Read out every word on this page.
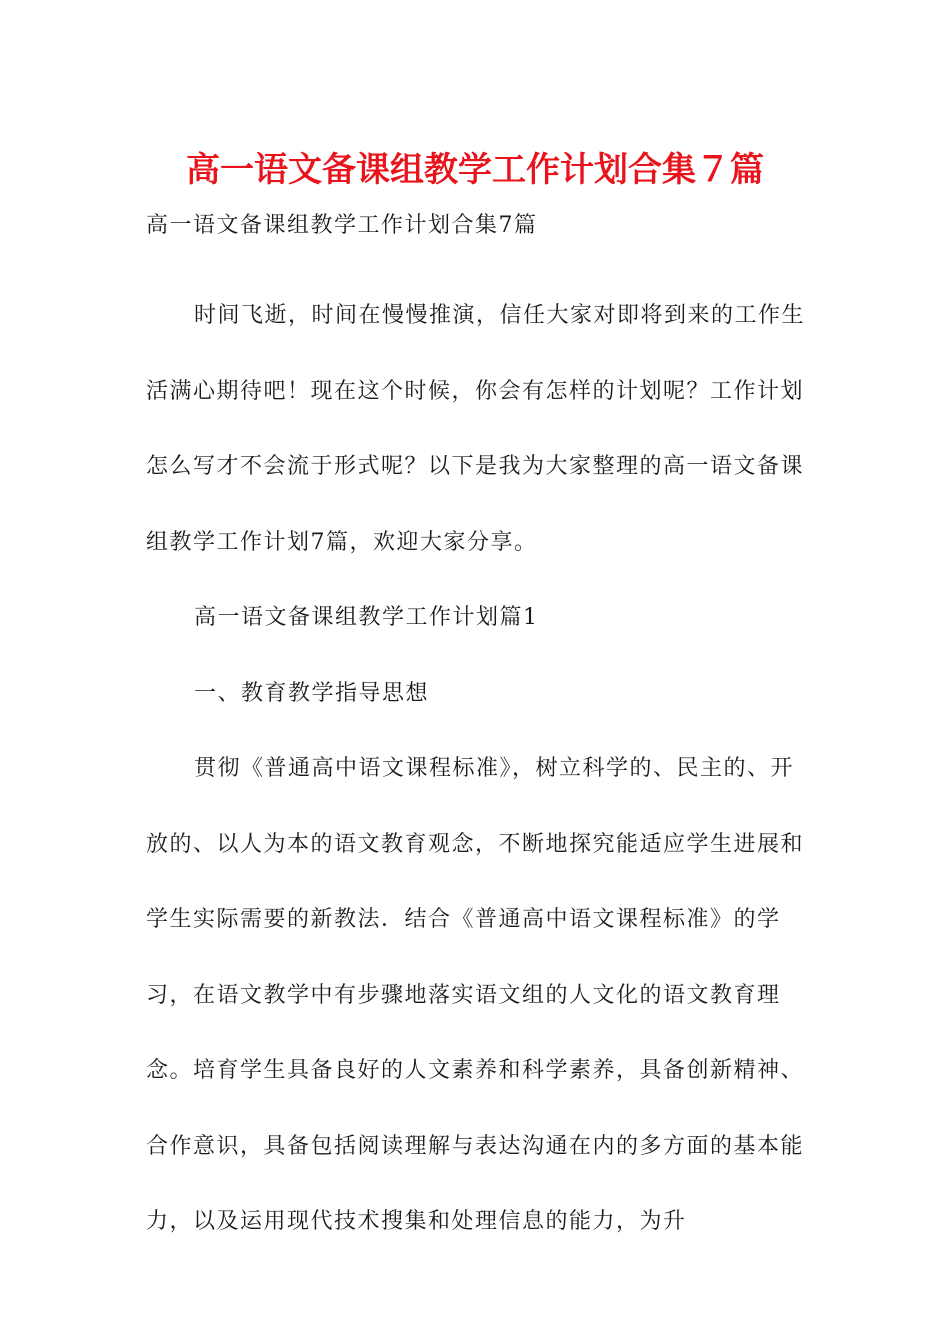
高一语文备课组教学工作计划合集７篇

高一语文备课组教学工作计划合集7篇

时间飞逝，时间在慢慢推演，信任大家对即将到来的工作生活满心期待吧！现在这个时候，你会有怎样的计划呢？工作计划怎么写才不会流于形式呢？以下是我为大家整理的高一语文备课组教学工作计划7篇，欢迎大家分享。

高一语文备课组教学工作计划篇1

一、教育教学指导思想

贯彻《普通高中语文课程标准》，树立科学的、民主的、开放的、以人为本的语文教育观念，不断地探究能适应学生进展和学生实际需要的新教法．结合《普通高中语文课程标准》的学习，在语文教学中有步骤地落实语文组的人文化的语文教育理念。培育学生具备良好的人文素养和科学素养，具备创新精神、合作意识，具备包括阅读理解与表达沟通在内的多方面的基本能力，以及运用现代技术搜集和处理信息的能力，为升
